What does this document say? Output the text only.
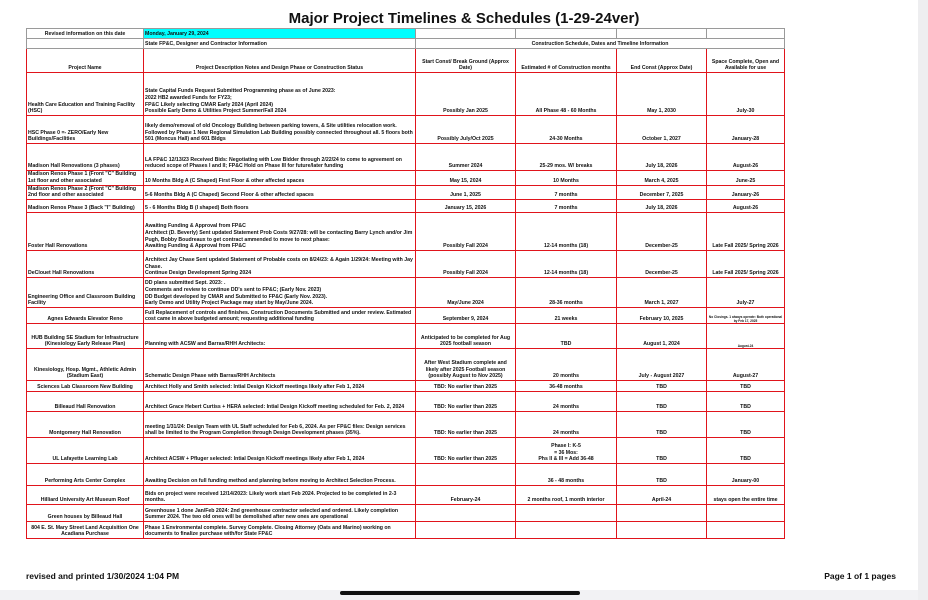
Major Project Timelines & Schedules (1-29-24ver)
Revised information on this date	Monday, January 29, 2024				
	State FP&C, Designer and Contractor Information	Construction Schedule, Dates and Timeline Information			
Project Name	Project Description Notes and Design Phase or Construction Status	Start Const/ Break Ground (Approx Date)	Estimated # of Construction months	End Const (Approx Date)	Space Complete, Open and Available for use
Health Care Education and Training Facility (HSC)	State Capital Funds Request Submitted Programming phase as of June 2023:
2022 HB2 awarded Funds for FY23;
FP&C Likely selecting CMAR Early 2024 (April 2024)
Possible Early Demo & Utilities Project Summer/Fall 2024	Possibly Jan 2025	All Phase 48 - 60 Months	May 1, 2030	July-30
HSC Phase 0 =- ZERO/Early New Buildings/Facilities	likely demo/removal of old Oncology Building between parking towers, & Site utilities relocation work. Followed by Phase 1 New Regional Simulation Lab Building possibly connected throughout all. 5 floors both 501 (Moncus Hall) and 601 Bldgs	Possibly July/Oct 2025	24-30 Months	October 1, 2027	January-28
Madison Hall Renovations (3 phases)	LA FP&C 12/13/23 Received Bids: Negotiating with Low Bidder through 2/22/24 to come to agreement on reduced scope of Phases I and II; FP&C Hold on Phase III for future/later funding	Summer 2024	25-29 mos. W/ breaks	July 18, 2026	August-26
Madison Renos Phase 1 (Front "C" Building 1st floor and other associated	10 Months Bldg A (C Shaped) First Floor & other affected spaces	May 15, 2024	10 Months	March 4, 2025	June-25
Madison Renos Phase 2 (Front "C" Building 2nd floor and other associated	5-6 Months Bldg A (C Chaped) Second Floor & other affected spaces	June 1, 2025	7 months	December 7, 2025	January-26
Madison Renos Phase 3 (Back "I" Building)	5 - 6 Months Bldg B (I shaped) Both floors	January 15, 2026	7 months	July 18, 2026	August-26
Foster Hall Renovations	Awaiting Funding & Approval from FP&C
Architect (D. Beverly) Sent updated Statement Prob Costs 9/27/28: will be contacting Barry Lynch and/or Jim Pugh, Bobby Boudreaux to get contract ammended to move to next phase:
Awaiting Funding & Approval from FP&C	Possibly Fall 2024	12-14 months (18)	December-25	Late Fall 2025/ Spring 2026
DeClouet Hall Renovations	Architect Jay Chase Sent updated Statement of Probable costs on 8/24/23: & Again 1/29/24: Meeting with Jay Chase.
Continue Design Development Spring 2024	Possibly Fall 2024	12-14 months (18)	December-25	Late Fall 2025/ Spring 2026
Engineering Office and Classroom Building Facility	DD plans submitted Sept. 2023: .
Comments and review to continue DD's sent to FP&C; (Early Nov. 2023)
DD Budget developed by CMAR and Submitted to FP&C (Early Nov. 2023).
Early Demo and Utility Project Package may start by May/June 2024.	May/June 2024	28-36 months	March 1, 2027	July-27
Agnes Edwards Elevator Reno	Full Replacement of controls and finishes. Construction Documents Submitted and under review. Estimated cost came in above budgeted amount; requesting additional funding	September 9, 2024	21 weeks	February 10, 2025	No Closings. 1 always operate: Both operational by Feb 17, 2025
HUB Building SE Stadium for Infrastructure (Kinesiology Early Release Plan)	Planning with ACSW and Barras/RHH Architects:	Anticipated to be completed for Aug 2025 football season	TBD	August 1, 2024	August-24
Kinesiology, Hosp. Mgmt., Athletic Admin (Stadium East)	Schematic Design Phase with Barras/RHH Architects	After West Stadium complete and likely after 2025 Football season (possibly August to Nov 2025)	20 months	July - August 2027	August-27
Sciences Lab Classroom New Building	Architect Holly and Smith selected: Intial Design Kickoff meetings likely after Feb 1, 2024	TBD: No earlier than 2025	36-48 months	TBD	TBD
Billeaud Hall Renovation	Architect Grace Hebert Curtiss + HERA selected: Intial Design Kickoff meeting scheduled for Feb. 2, 2024	TBD: No earlier than 2025	24 months	TBD	TBD
Montgomery Hall Renovation	meeting 1/31/24: Design Team with UL Staff scheduled for Feb 6, 2024. As per FP&C files: Design services shall be limited to the Program Completion through Design Development phases (35%).	TBD: No earlier than 2025	24 months	TBD	TBD
UL Lafayette Learning Lab	Architect ACSW + Pfluger selected: Intial Design Kickoff meetings likely after Feb 1, 2024	TBD: No earlier than 2025	Phase I: K-5
= 36 Mos:
Phs II & III = Add 36-48	TBD	TBD
Performing Arts Center Complex	Awaiting Decision on full funding method and planning before moving to Architect Selection Process.		36 - 48 months	TBD	January-00
Hilliard University Art Museum Roof	Bids on project were received 12/14/2023: Likely work start Feb 2024. Projected to be completed in 2-3 months.	February-24	2 months roof, 1 month interior	April-24	stays open the entire time
Green houses by Billeaud Hall	Greenhouse 1 done Jan/Feb 2024: 2nd greenhouse contractor selected and ordered. Likely completion Summer 2024. The two old ones will be demolished after new ones are operational				
804 E. St. Mary Street Land Acquisition One Acadiana Purchase	Phase 1 Environmental complete. Survey Complete. Closing Attorney (Oats and Marino) working on documents to finalize purchase with/for State FP&C				
revised and printed 1/30/2024 1:04 PM	Page 1 of 1 pages
